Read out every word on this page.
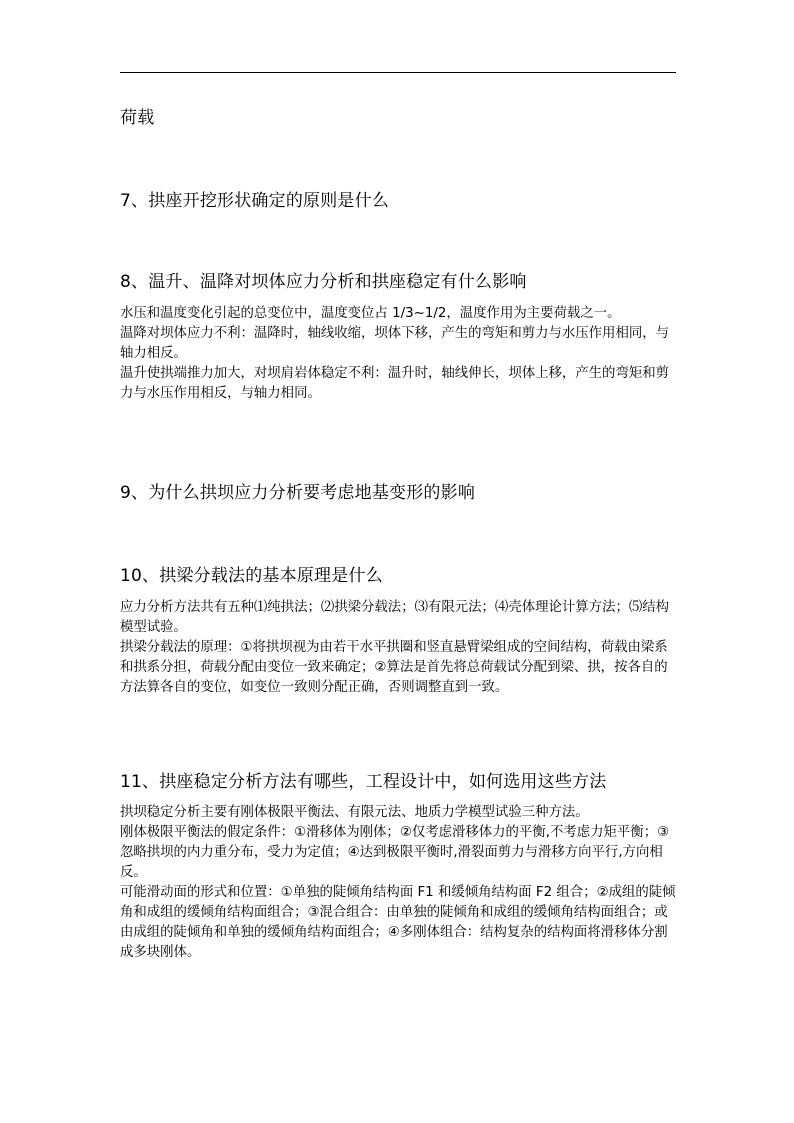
荷载
7、拱座开挖形状确定的原则是什么
8、温升、温降对坝体应力分析和拱座稳定有什么影响
水压和温度变化引起的总变位中，温度变位占 1/3~1/2，温度作用为主要荷载之一。
温降对坝体应力不利：温降时，轴线收缩，坝体下移，产生的弯矩和剪力与水压作用相同，与轴力相反。
温升使拱端推力加大，对坝肩岩体稳定不利：温升时，轴线伸长，坝体上移，产生的弯矩和剪力与水压作用相反，与轴力相同。
9、为什么拱坝应力分析要考虑地基变形的影响
10、拱梁分载法的基本原理是什么
应力分析方法共有五种⑴纯拱法；⑵拱梁分载法；⑶有限元法；⑷壳体理论计算方法；⑸结构模型试验。
拱梁分载法的原理：①将拱坝视为由若干水平拱圈和竖直悬臂梁组成的空间结构，荷载由梁系和拱系分担，荷载分配由变位一致来确定；②算法是首先将总荷载试分配到梁、拱，按各自的方法算各自的变位，如变位一致则分配正确，否则调整直到一致。
11、拱座稳定分析方法有哪些，工程设计中，如何选用这些方法
拱坝稳定分析主要有刚体极限平衡法、有限元法、地质力学模型试验三种方法。
刚体极限平衡法的假定条件：①滑移体为刚体；②仅考虑滑移体力的平衡,不考虑力矩平衡；③忽略拱坝的内力重分布，受力为定值；④达到极限平衡时,滑裂面剪力与滑移方向平行,方向相反。
可能滑动面的形式和位置：①单独的陡倾角结构面 F1 和缓倾角结构面 F2 组合；②成组的陡倾角和成组的缓倾角结构面组合；③混合组合：由单独的陡倾角和成组的缓倾角结构面组合；或由成组的陡倾角和单独的缓倾角结构面组合；④多刚体组合：结构复杂的结构面将滑移体分割成多块刚体。
